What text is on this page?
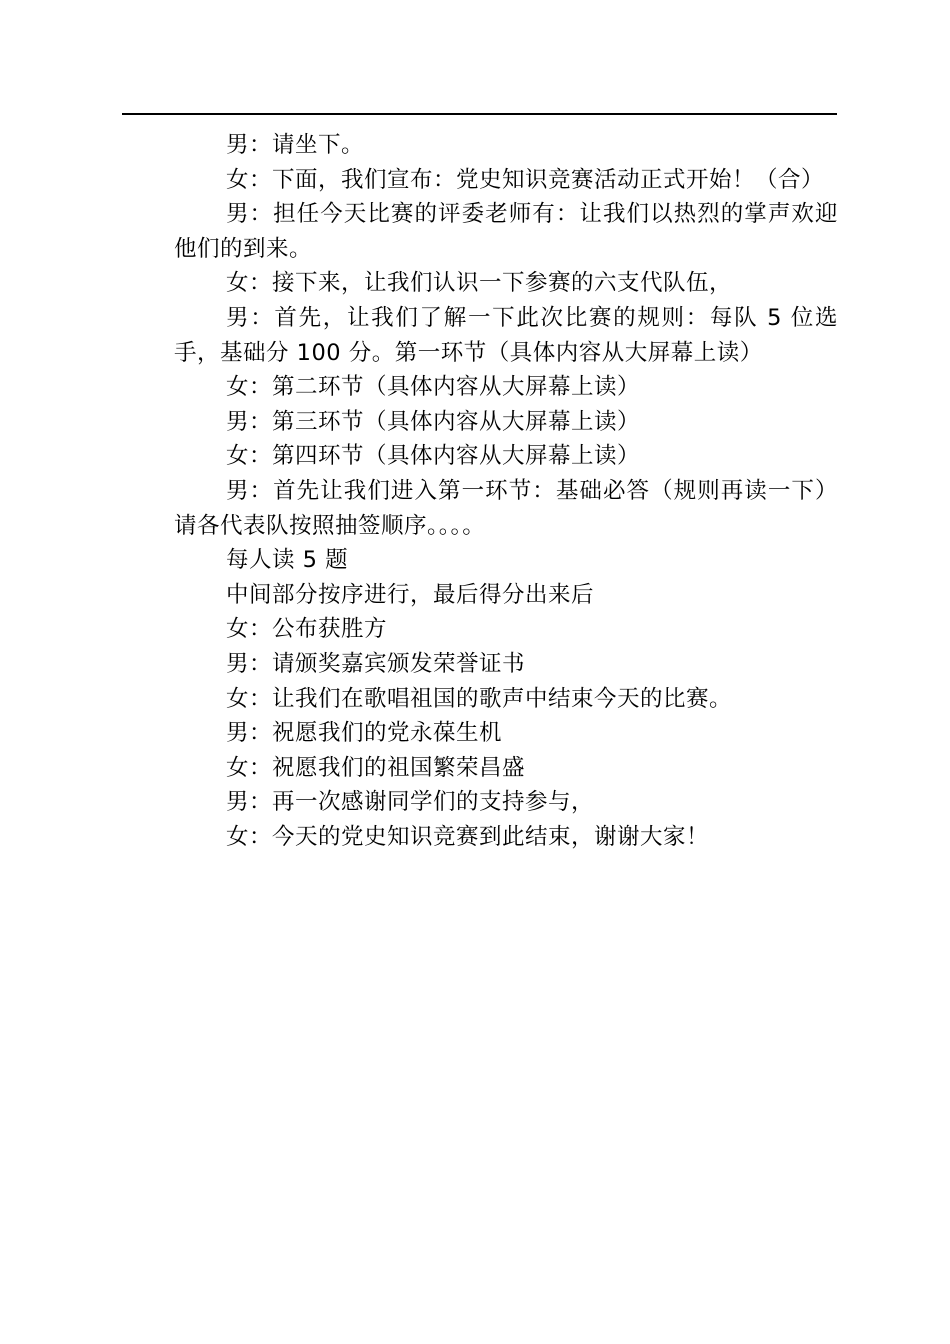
男：请坐下。

女：下面，我们宣布：党史知识竞赛活动正式开始！（合）

男：担任今天比赛的评委老师有：让我们以热烈的掌声欢迎他们的到来。

女：接下来，让我们认识一下参赛的六支代队伍，

男：首先，让我们了解一下此次比赛的规则：每队 5 位选手，基础分 100 分。第一环节（具体内容从大屏幕上读）

女：第二环节（具体内容从大屏幕上读）

男：第三环节（具体内容从大屏幕上读）

女：第四环节（具体内容从大屏幕上读）

男：首先让我们进入第一环节：基础必答（规则再读一下）请各代表队按照抽签顺序。。。。

每人读 5 题

中间部分按序进行，最后得分出来后

女：公布获胜方

男：请颁奖嘉宾颁发荣誉证书

女：让我们在歌唱祖国的歌声中结束今天的比赛。

男：祝愿我们的党永葆生机

女：祝愿我们的祖国繁荣昌盛

男：再一次感谢同学们的支持参与，

女：今天的党史知识竞赛到此结束，谢谢大家！
